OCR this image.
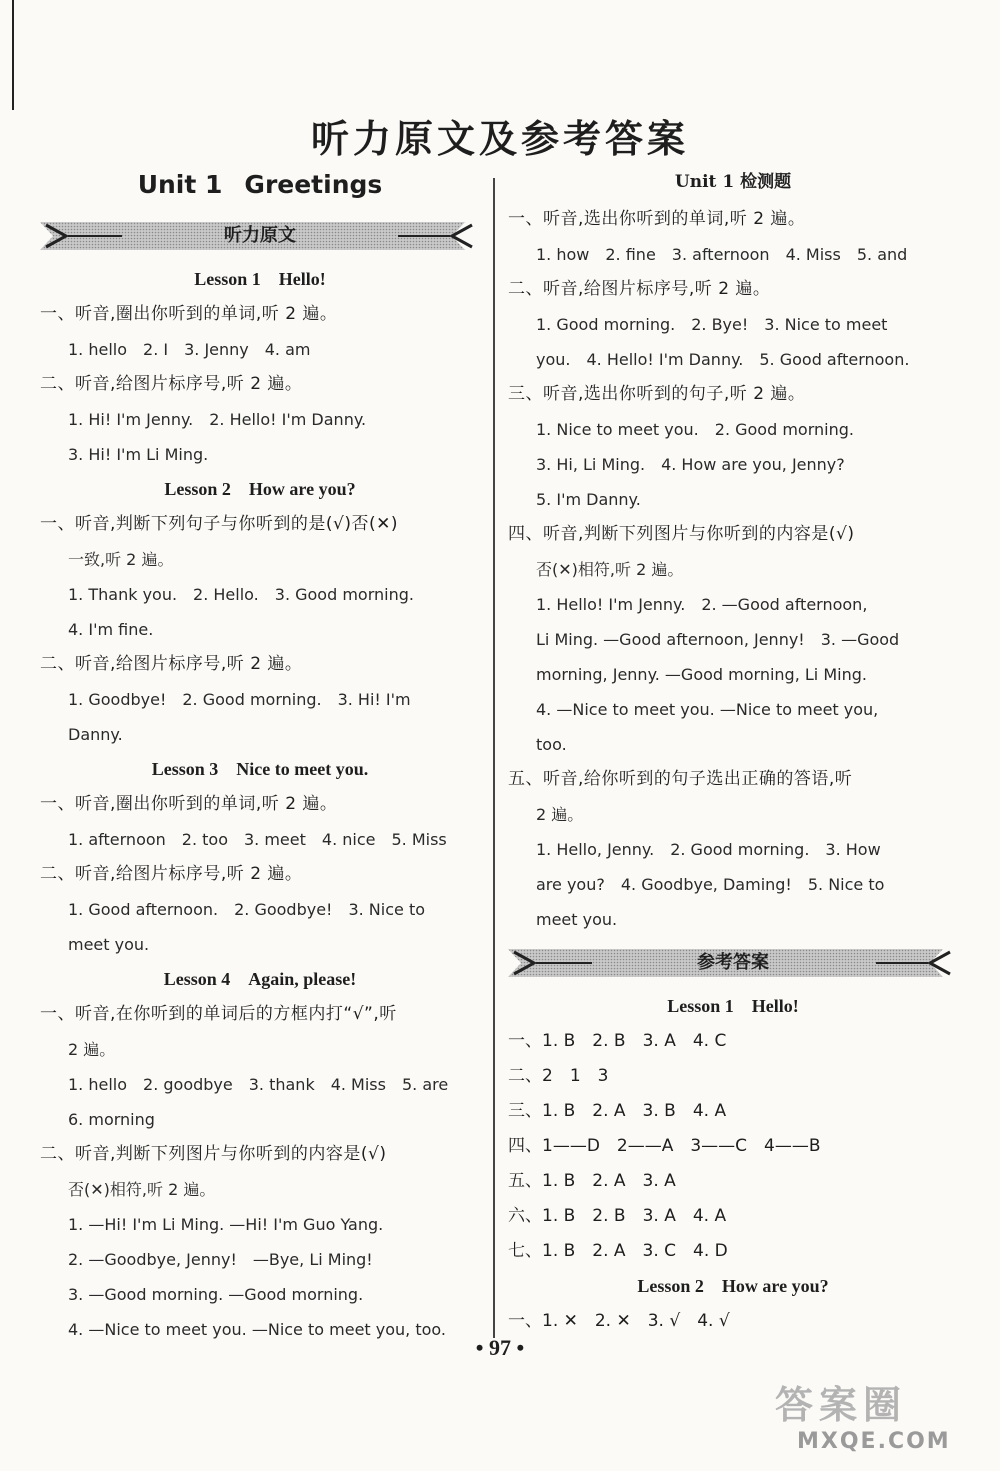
听力原文及参考答案
Unit 1 Greetings
听力原文
Lesson 1　Hello!
一、听音,圈出你听到的单词,听 2 遍。
1. hello　2. I　3. Jenny　4. am
二、听音,给图片标序号,听 2 遍。
1. Hi! I'm Jenny.　2. Hello! I'm Danny.
3. Hi! I'm Li Ming.
Lesson 2　How are you?
一、听音,判断下列句子与你听到的是(√)否(✕)
一致,听 2 遍。
1. Thank you.　2. Hello.　3. Good morning.
4. I'm fine.
二、听音,给图片标序号,听 2 遍。
1. Goodbye!　2. Good morning.　3. Hi! I'm
Danny.
Lesson 3　Nice to meet you.
一、听音,圈出你听到的单词,听 2 遍。
1. afternoon　2. too　3. meet　4. nice　5. Miss
二、听音,给图片标序号,听 2 遍。
1. Good afternoon.　2. Goodbye!　3. Nice to
meet you.
Lesson 4　Again, please!
一、听音,在你听到的单词后的方框内打“√”,听
2 遍。
1. hello　2. goodbye　3. thank　4. Miss　5. are
6. morning
二、听音,判断下列图片与你听到的内容是(√)
否(✕)相符,听 2 遍。
1. —Hi! I'm Li Ming. —Hi! I'm Guo Yang.
2. —Goodbye, Jenny!　—Bye, Li Ming!
3. —Good morning. —Good morning.
4. —Nice to meet you. —Nice to meet you, too.
Unit 1 检测题
一、听音,选出你听到的单词,听 2 遍。
1. how　2. fine　3. afternoon　4. Miss　5. and
二、听音,给图片标序号,听 2 遍。
1. Good morning.　2. Bye!　3. Nice to meet
you.　4. Hello! I'm Danny.　5. Good afternoon.
三、听音,选出你听到的句子,听 2 遍。
1. Nice to meet you.　2. Good morning.
3. Hi, Li Ming.　4. How are you, Jenny?
5. I'm Danny.
四、听音,判断下列图片与你听到的内容是(√)
否(✕)相符,听 2 遍。
1. Hello! I'm Jenny.　2. —Good afternoon,
Li Ming. —Good afternoon, Jenny!　3. —Good
morning, Jenny. —Good morning, Li Ming.
4. —Nice to meet you. —Nice to meet you,
too.
五、听音,给你听到的句子选出正确的答语,听
2 遍。
1. Hello, Jenny.　2. Good morning.　3. How
are you?　4. Goodbye, Daming!　5. Nice to
meet you.
参考答案
Lesson 1　Hello!
一、1. B　2. B　3. A　4. C
二、2　1　3
三、1. B　2. A　3. B　4. A
四、1——D　2——A　3——C　4——B
五、1. B　2. A　3. A
六、1. B　2. B　3. A　4. A
七、1. B　2. A　3. C　4. D
Lesson 2　How are you?
一、1. ✕　2. ✕　3. √　4. √
• 97 •
答案圈
MXQE.COM
